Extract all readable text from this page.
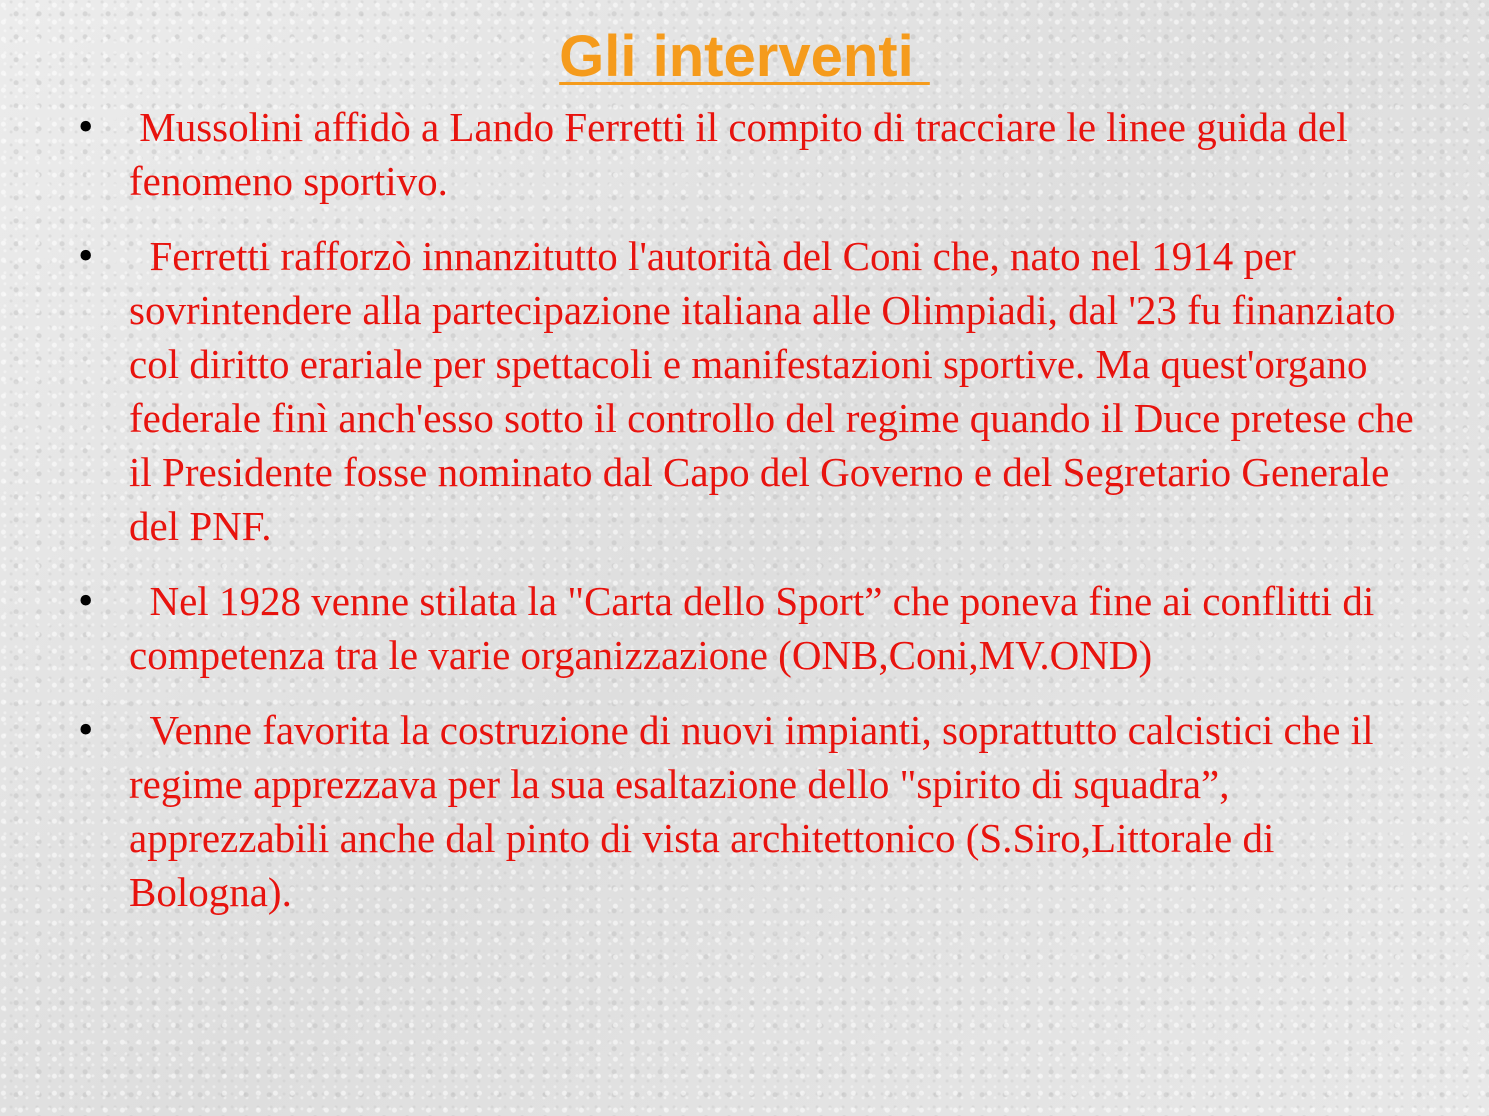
Gli interventi
• Mussolini affidò a Lando Ferretti il compito di tracciare le linee guida del fenomeno sportivo.
• Ferretti rafforzò innanzitutto l'autorità del Coni che, nato nel 1914 per sovrintendere alla partecipazione italiana alle Olimpiadi, dal '23 fu finanziato col diritto erariale per spettacoli e manifestazioni sportive. Ma quest'organo federale finì anch'esso sotto il controllo del regime quando il Duce pretese che il Presidente fosse nominato dal Capo del Governo e del Segretario Generale del PNF.
• Nel 1928 venne stilata la "Carta dello Sport” che poneva fine ai conflitti di competenza tra le varie organizzazione (ONB,Coni,MV.OND)
• Venne favorita la costruzione di nuovi impianti, soprattutto calcistici che il regime apprezzava per la sua esaltazione dello "spirito di squadra”, apprezzabili anche dal pinto di vista architettonico (S.Siro,Littorale di Bologna).
